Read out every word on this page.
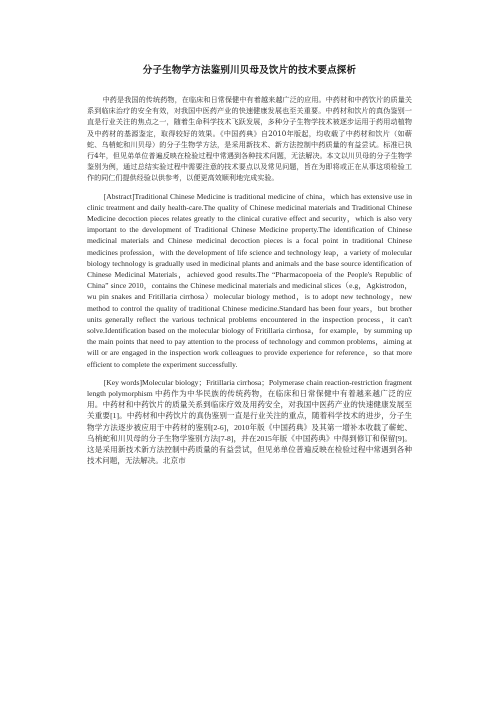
分子生物学方法鉴别川贝母及饮片的技术要点探析

中药是我国的传统药物，在临床和日常保健中有着越来越广泛的应用。中药材和中药饮片的质量关系到临床治疗的安全有效，对我国中医药产业的快速健康发展也至关重要。中药材和饮片的真伪鉴别一直是行业关注的焦点之一，随着生命科学技术飞跃发展，多种分子生物学技术被逐步运用于药用动植物及中药材的基源鉴定，取得较好的效果。《中国药典》自2010年版起，均收载了中药材和饮片（如蕲蛇、乌梢蛇和川贝母）的分子生物学方法，是采用新技术、新方法控制中药质量的有益尝试。标准已执行4年，但见弟单位普遍反映在检验过程中常遇到各种技术问题，无法解决。本文以川贝母的分子生物学鉴别为例，通过总结实验过程中需要注意的技术要点以及常见问题，旨在为即将或正在从事这项检验工作的同仁们提供经验以供参考，以便更高效顺利地完成实验。

[Abstract]Traditional Chinese Medicine is traditional medicine of china，which has extensive use in clinic treatment and daily health-care.The quality of Chinese medicinal materials and Traditional Chinese Medicine decoction pieces relates greatly to the clinical curative effect and security，which is also very important to the development of Traditional Chinese Medicine property.The identification of Chinese medicinal materials and Chinese medicinal decoction pieces is a focal point in traditional Chinese medicines profession，with the development of life science and technology leap，a variety of molecular biology technology is gradually used in medicinal plants and animals and the base source identification of Chinese Medicinal Materials，achieved good results.The “Pharmacopoeia of the People's Republic of China” since 2010，contains the Chinese medicinal materials and medicinal slices（e.g，Agkistrodon，wu pin snakes and Fritillaria cirrhosa）molecular biology method，is to adopt new technology，new method to control the quality of traditional Chinese medicine.Standard has been four years，but brother units generally reflect the various technical problems encountered in the inspection process，it can't solve.Identification based on the molecular biology of Fritillaria cirrhosa，for example，by summing up the main points that need to pay attention to the process of technology and common problems，aiming at will or are engaged in the inspection work colleagues to provide experience for reference，so that more efficient to complete the experiment successfully.

[Key words]Molecular biology；Fritillaria cirrhosa；Polymerase chain reaction-restriction fragment length polymorphism 中药作为中华民族的传统药物，在临床和日常保健中有着越来越广泛的应用。中药材和中药饮片的质量关系到临床疗效及用药安全，对我国中医药产业的快速健康发展至关重要[1]。中药材和中药饮片的真伪鉴别一直是行业关注的重点，随着科学技术的进步，分子生物学方法逐步被应用于中药材的鉴别[2-6]，2010年版《中国药典》及其第一增补本收载了蕲蛇、乌梢蛇和川贝母的分子生物学鉴别方法[7-8]，并在2015年版《中国药典》中得到修订和保留[9]。这是采用新技术新方法控制中药质量的有益尝试，但见弟单位普遍反映在检验过程中常遇到各种技术问题，无法解决。北京市
